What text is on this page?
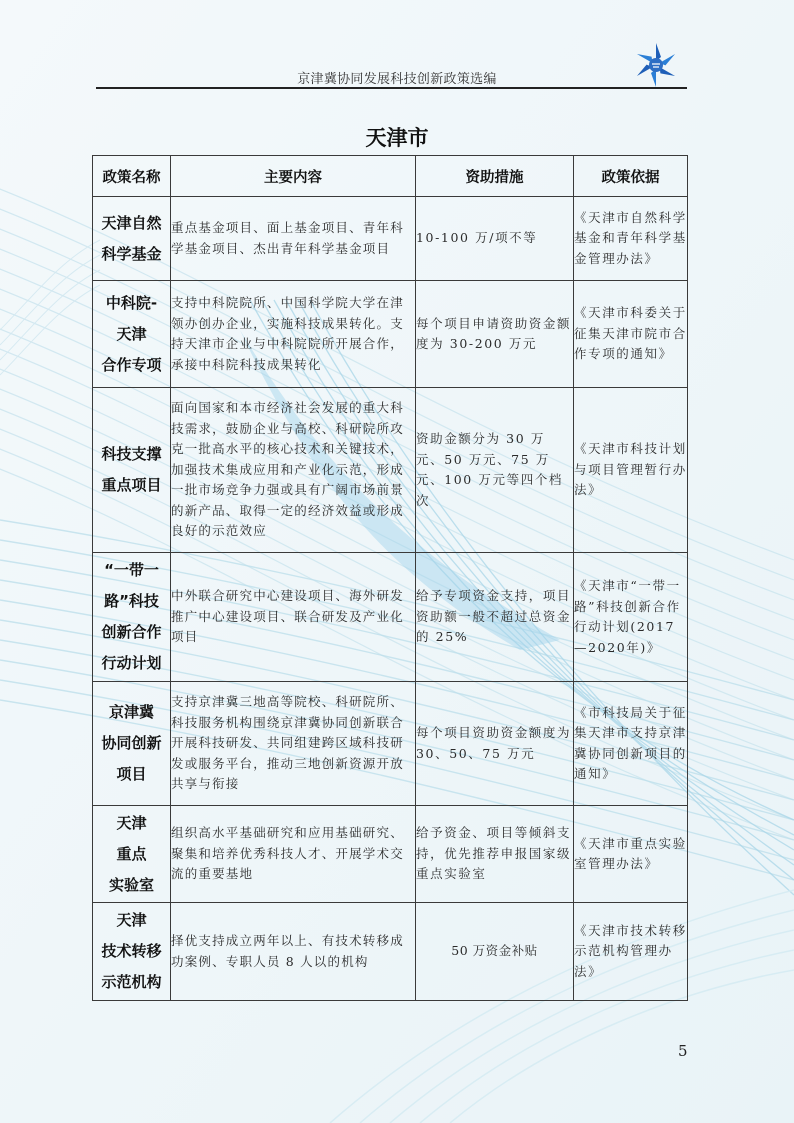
京津冀协同发展科技创新政策选编
天津市
政策名称	主要内容	资助措施	政策依据

天津自然
科学基金	重点基金项目、面上基金项目、青年科学基金项目、杰出青年科学基金项目	10-100 万/项不等	《天津市自然科学基金和青年科学基金管理办法》

中科院-
天津
合作专项	支持中科院院所、中国科学院大学在津领办创办企业，实施科技成果转化。支持天津市企业与中科院院所开展合作，承接中科院科技成果转化	每个项目申请资助资金额度为 30-200 万元	《天津市科委关于征集天津市院市合作专项的通知》

科技支撑
重点项目	面向国家和本市经济社会发展的重大科技需求，鼓励企业与高校、科研院所攻克一批高水平的核心技术和关键技术，加强技术集成应用和产业化示范，形成一批市场竞争力强或具有广阔市场前景的新产品、取得一定的经济效益或形成良好的示范效应	资助金额分为 30 万元、50 万元、75 万元、100 万元等四个档次	《天津市科技计划与项目管理暂行办法》

“一带一
路”科技
创新合作
行动计划	中外联合研究中心建设项目、海外研发推广中心建设项目、联合研发及产业化项目	给予专项资金支持，项目资助额一般不超过总资金的 25%	《天津市“一带一路”科技创新合作行动计划(2017—2020年)》

京津冀
协同创新
项目	支持京津冀三地高等院校、科研院所、科技服务机构围绕京津冀协同创新联合开展科技研发、共同组建跨区域科技研发或服务平台，推动三地创新资源开放共享与衔接	每个项目资助资金额度为 30、50、75 万元	《市科技局关于征集天津市支持京津冀协同创新项目的通知》

天津
重点
实验室	组织高水平基础研究和应用基础研究、聚集和培养优秀科技人才、开展学术交流的重要基地	给予资金、项目等倾斜支持，优先推荐申报国家级重点实验室	《天津市重点实验室管理办法》

天津
技术转移
示范机构	择优支持成立两年以上、有技术转移成功案例、专职人员 8 人以的机构	50 万资金补贴	《天津市技术转移示范机构管理办法》
5
